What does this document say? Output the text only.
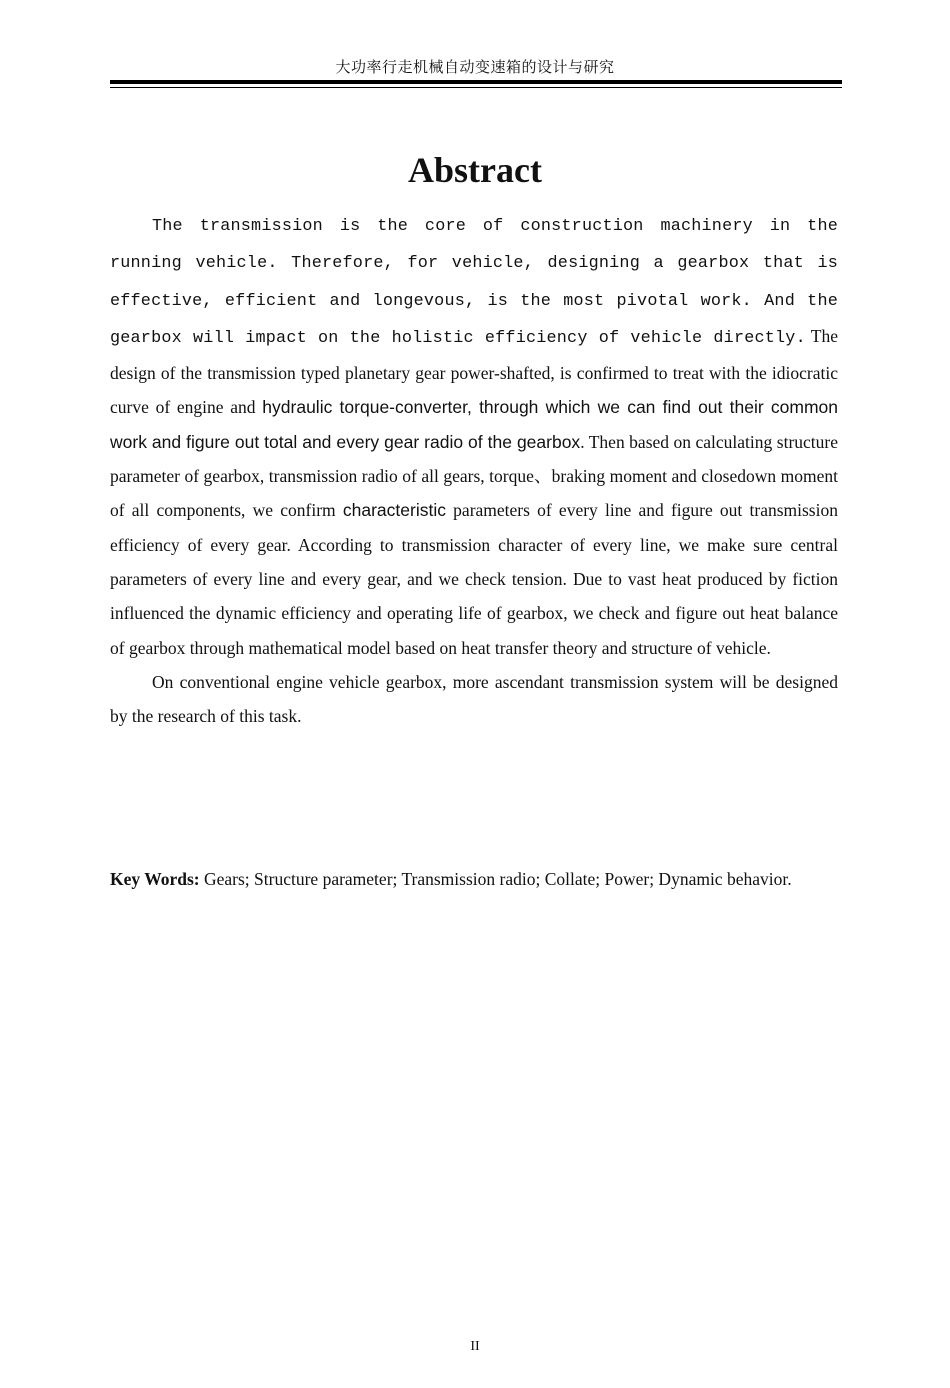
大功率行走机械自动变速箱的设计与研究
Abstract

The transmission is the core of construction machinery in the running vehicle. Therefore, for vehicle, designing a gearbox that is effective, efficient and longevous, is the most pivotal work. And the gearbox will impact on the holistic efficiency of vehicle directly. The design of the transmission typed planetary gear power-shafted, is confirmed to treat with the idiocratic curve of engine and hydraulic torque-converter, through which we can find out their common work and figure out total and every gear radio of the gearbox. Then based on calculating structure parameter of gearbox, transmission radio of all gears, torque、braking moment and closedown moment of all components, we confirm characteristic parameters of every line and figure out transmission efficiency of every gear. According to transmission character of every line, we make sure central parameters of every line and every gear, and we check tension. Due to vast heat produced by fiction influenced the dynamic efficiency and operating life of gearbox, we check and figure out heat balance of gearbox through mathematical model based on heat transfer theory and structure of vehicle.

On conventional engine vehicle gearbox, more ascendant transmission system will be designed by the research of this task.

Key Words: Gears; Structure parameter; Transmission radio; Collate; Power; Dynamic behavior.

II
